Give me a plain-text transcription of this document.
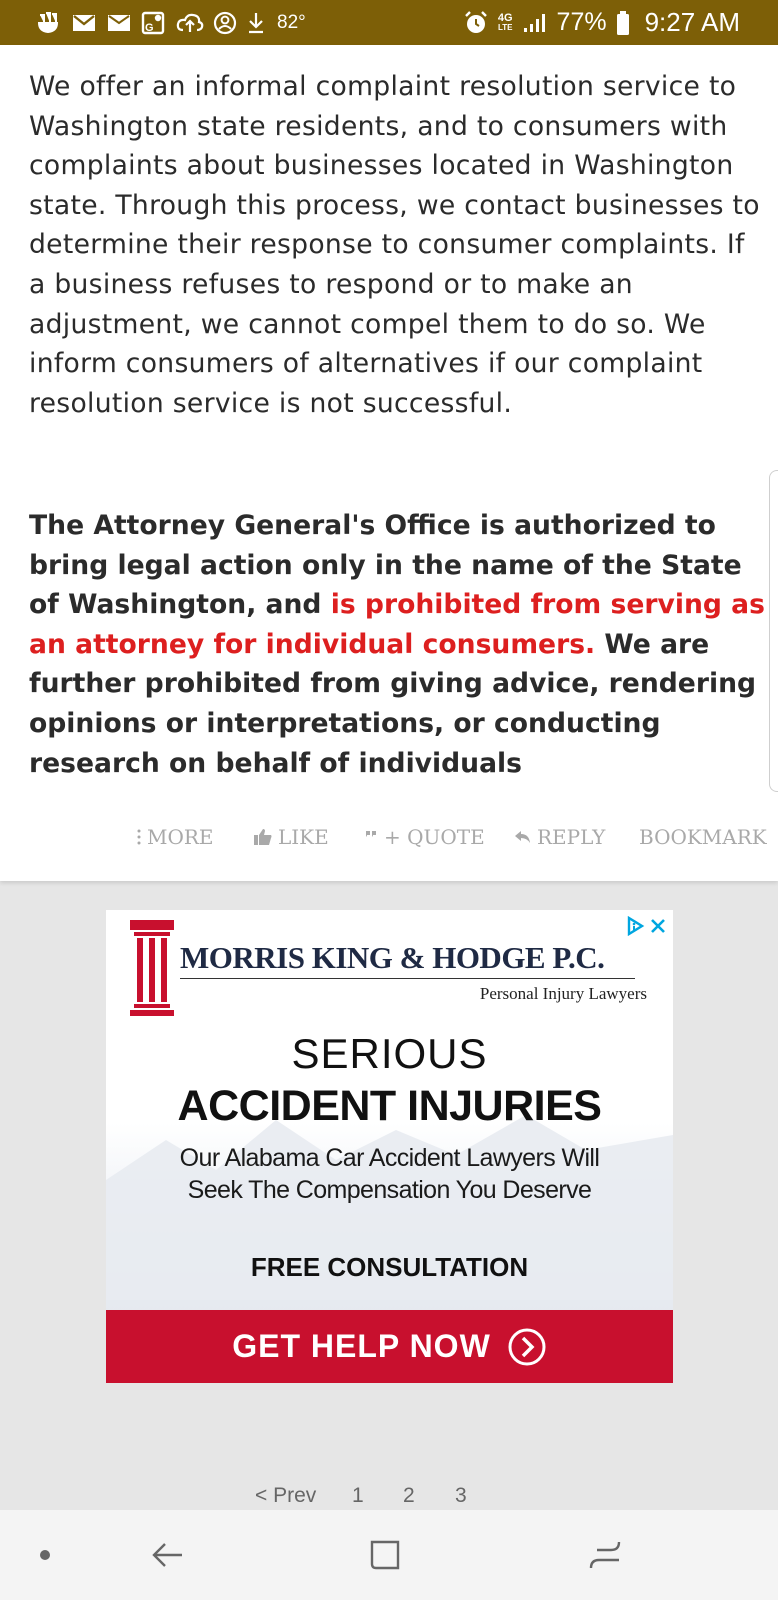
G	82°	4G
LTE 77% 9:27 AM

We offer an informal complaint resolution service to Washington state residents, and to consumers with complaints about businesses located in Washington state. Through this process, we contact businesses to determine their response to consumer complaints. If a business refuses to respond or to make an adjustment, we cannot compel them to do so. We inform consumers of alternatives if our complaint resolution service is not successful.

The Attorney General's Office is authorized to bring legal action only in the name of the State of Washington, and is prohibited from serving as an attorney for individual consumers. We are further prohibited from giving advice, rendering opinions or interpretations, or conducting research on behalf of individuals

MORE	LIKE	+ QUOTE	REPLY BOOKMARK
MORRIS KING & HODGE P.C.
Personal Injury Lawyers
SERIOUS
ACCIDENT INJURIES
Our Alabama Car Accident Lawyers Will
Seek The Compensation You Deserve
FREE CONSULTATION
GET HELP NOW
< Prev 1 2 3
